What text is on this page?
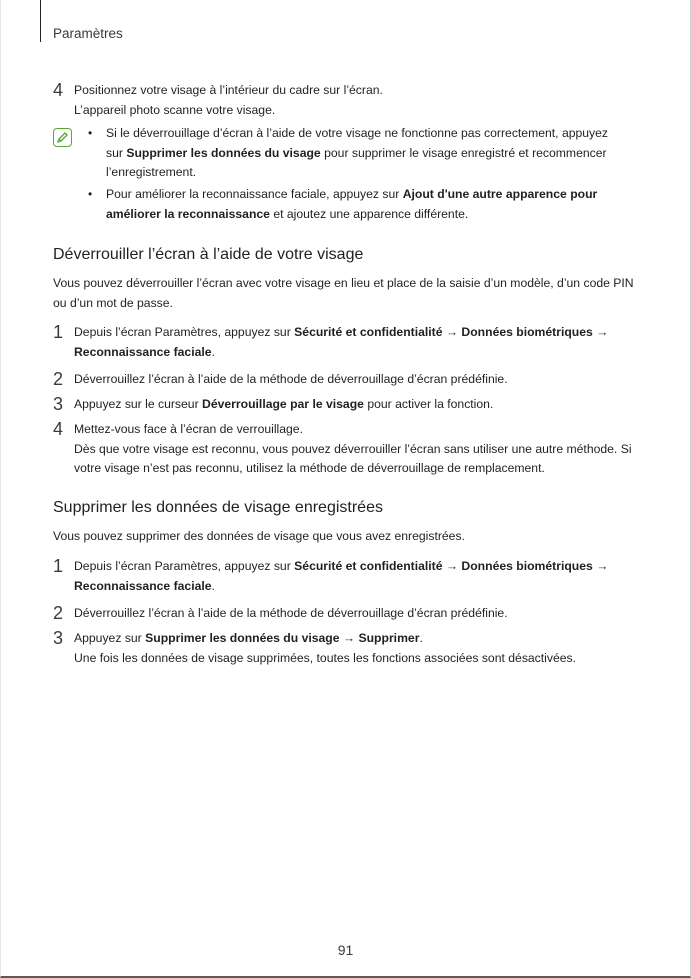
Paramètres
4 Positionnez votre visage à l’intérieur du cadre sur l’écran.
L’appareil photo scanne votre visage.
• Si le déverrouillage d’écran à l’aide de votre visage ne fonctionne pas correctement, appuyez sur Supprimer les données du visage pour supprimer le visage enregistré et recommencer l’enregistrement.
• Pour améliorer la reconnaissance faciale, appuyez sur Ajout d'une autre apparence pour améliorer la reconnaissance et ajoutez une apparence différente.
Déverrouiller l’écran à l’aide de votre visage
Vous pouvez déverrouiller l’écran avec votre visage en lieu et place de la saisie d’un modèle, d’un code PIN ou d’un mot de passe.
1 Depuis l’écran Paramètres, appuyez sur Sécurité et confidentialité → Données biométriques → Reconnaissance faciale.
2 Déverrouillez l’écran à l’aide de la méthode de déverrouillage d’écran prédéfinie.
3 Appuyez sur le curseur Déverrouillage par le visage pour activer la fonction.
4 Mettez-vous face à l’écran de verrouillage.
Dès que votre visage est reconnu, vous pouvez déverrouiller l’écran sans utiliser une autre méthode. Si votre visage n’est pas reconnu, utilisez la méthode de déverrouillage de remplacement.
Supprimer les données de visage enregistrées
Vous pouvez supprimer des données de visage que vous avez enregistrées.
1 Depuis l’écran Paramètres, appuyez sur Sécurité et confidentialité → Données biométriques → Reconnaissance faciale.
2 Déverrouillez l’écran à l’aide de la méthode de déverrouillage d’écran prédéfinie.
3 Appuyez sur Supprimer les données du visage → Supprimer.
Une fois les données de visage supprimées, toutes les fonctions associées sont désactivées.
91
